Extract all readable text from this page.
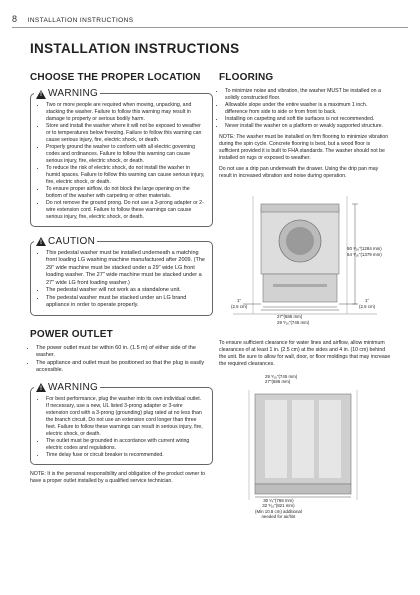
8 INSTALLATION INSTRUCTIONS
INSTALLATION INSTRUCTIONS
CHOOSE THE PROPER LOCATION
! WARNING
• Two or more people are required when moving, unpacking, and stacking the washer. Failure to follow this warning may result in damage to property or serious bodily harm.
• Store and install the washer where it will not be exposed to weather or to temperatures below freezing. Failure to follow this warning can cause serious injury, fire, electric shock, or death.
• Properly ground the washer to conform with all electric governing codes and ordinances. Failure to follow this warning can cause serious injury, fire, electric shock, or death.
• To reduce the risk of electric shock, do not install the washer in humid spaces. Failure to follow this warning can cause serious injury, fire, electric shock, or death.
• To ensure proper airflow, do not block the large opening on the bottom of the washer with carpeting or other materials.
• Do not remove the ground prong. Do not use a 3-prong adapter or 2-wire extension cord. Failure to follow these warnings can cause serious injury, fire, electric shock, or death.
! CAUTION
• This pedestal washer must be installed underneath a matching front loading LG washing machine manufactured after 2009. (The 29" wide machine must be stacked under a 29" wide LG front loading washer. The 27" wide machine must be stacked under a 27" wide LG front loading washer.)
• The pedestal washer will not work as a standalone unit.
• The pedestal washer must be stacked under an LG brand appliance in order to operate properly.
POWER OUTLET
• The power outlet must be within 60 in. (1.5 m) of either side of the washer.
• The appliance and outlet must be positioned so that the plug is easily accessible.
! WARNING
• For best performance, plug the washer into its own individual outlet. If necessary, use a new, UL listed 3-prong adapter or 3-wire extension cord with a 3-prong (grounding) plug rated at no less than the branch circuit. Do not use an extension cord longer than three feet. Failure to follow these warnings can result in serious injury, fire, electric shock, or death.
• The outlet must be grounded in accordance with current wiring electric codes and regulations.
• Time delay fuse or circuit breaker is recommended.

NOTE: It is the personal responsibility and obligation of the product owner to have a proper outlet installed by a qualified service technician.

FLOORING
• To minimize noise and vibration, the washer MUST be installed on a solidly constructed floor.
• Allowable slope under the entire washer is a maximum 1 inch. difference from side to side or from front to back.
• Installing on carpeting and soft tile surfaces is not recommended.
• Never install the washer on a platform or weakly supported structure.

NOTE: The washer must be installed on firm flooring to minimize vibration during the spin cycle. Concrete flooring is best, but a wood floor is sufficient provided it is built to FHA standards. The washer should not be installed on rugs or exposed to weather.

Do not use a drip pan underneath the drawer. Using the drip pan may result in increased vibration and noise during operation.

50 ⁹⁄₁₆"(1284 mm)
54 ⁵⁄₁₆"(1379 mm)
1"
(2.5 cm)
1"
(2.5 cm)
27"(686 mm)
29 ⁵⁄₁₆"(745 mm)

To ensure sufficient clearance for water lines and airflow, allow minimum clearances of at least 1 in. (2.5 cm) at the sides and 4 in. (10 cm) behind the unit. Be sure to allow for wall, door, or floor moldings that may increase the required clearances.

29 ⁵⁄₁₆"(745 mm)
27"(686 mm)
30 ¹⁄₄"(768 mm)
32 ⁵⁄₁₆"(821 mm)
(Min 10.8 cm) additional
needed for air/lint
